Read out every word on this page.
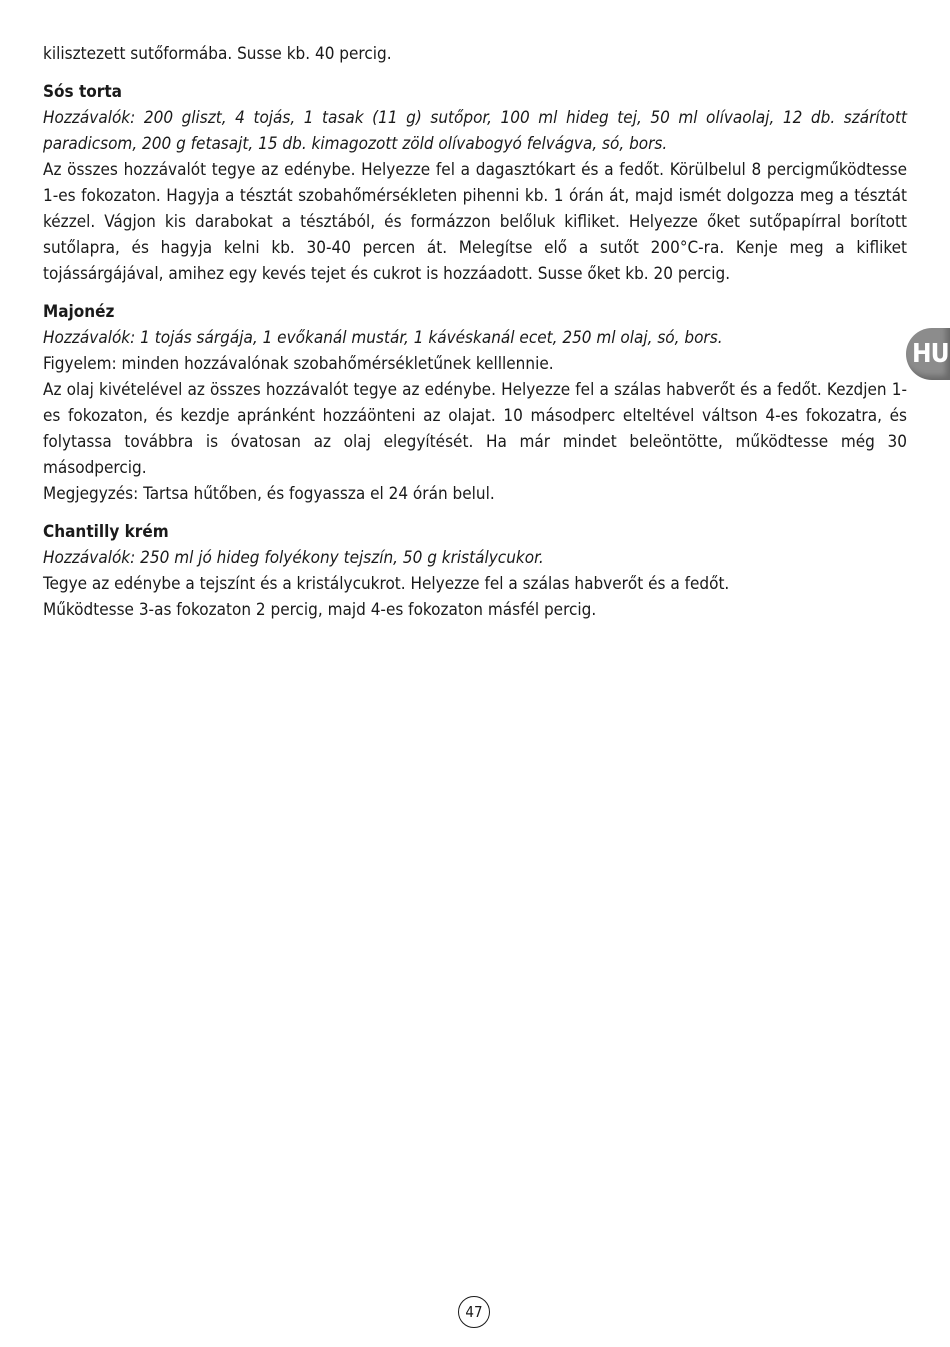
kilisztezett sutőformába. Susse kb. 40 percig.

Sós torta

Hozzávalók: 200 gliszt, 4 tojás, 1 tasak (11 g) sutőpor, 100 ml hideg tej, 50 ml olívaolaj, 12 db. szárított paradicsom, 200 g fetasajt, 15 db. kimagozott zöld olívabogyó felvágva, só, bors.

Az összes hozzávalót tegye az edénybe. Helyezze fel a dagasztókart és a fedőt. Körülbelul 8 percigműködtesse 1-es fokozaton. Hagyja a tésztát szobahőmérsékleten pihenni kb. 1 órán át, majd ismét dolgozza meg a tésztát kézzel. Vágjon kis darabokat a tésztából, és formázzon belőluk kifliket. Helyezze őket sutőpapírral borított sutőlapra, és hagyja kelni kb. 30-40 percen át. Melegítse elő a sutőt 200°C-ra. Kenje meg a kifliket tojássárgájával, amihez egy kevés tejet és cukrot is hozzáadott. Susse őket kb. 20 percig.

Majonéz

Hozzávalók: 1 tojás sárgája, 1 evőkanál mustár, 1 kávéskanál ecet, 250 ml olaj, só, bors.

Figyelem: minden hozzávalónak szobahőmérsékletűnek kelllennie.

Az olaj kivételével az összes hozzávalót tegye az edénybe. Helyezze fel a szálas habverőt és a fedőt. Kezdjen 1-es fokozaton, és kezdje apránként hozzáönteni az olajat. 10 másodperc elteltével váltson 4-es fokozatra, és folytassa továbbra is óvatosan az olaj elegyítését. Ha már mindet beleöntötte, működtesse még 30 másodpercig.

Megjegyzés: Tartsa hűtőben, és fogyassza el 24 órán belul.

Chantilly krém

Hozzávalók: 250 ml jó hideg folyékony tejszín, 50 g kristálycukor.

Tegye az edénybe a tejszínt és a kristálycukrot. Helyezze fel a szálas habverőt és a fedőt.

Működtesse 3-as fokozaton 2 percig, majd 4-es fokozaton másfél percig.

HU
47
